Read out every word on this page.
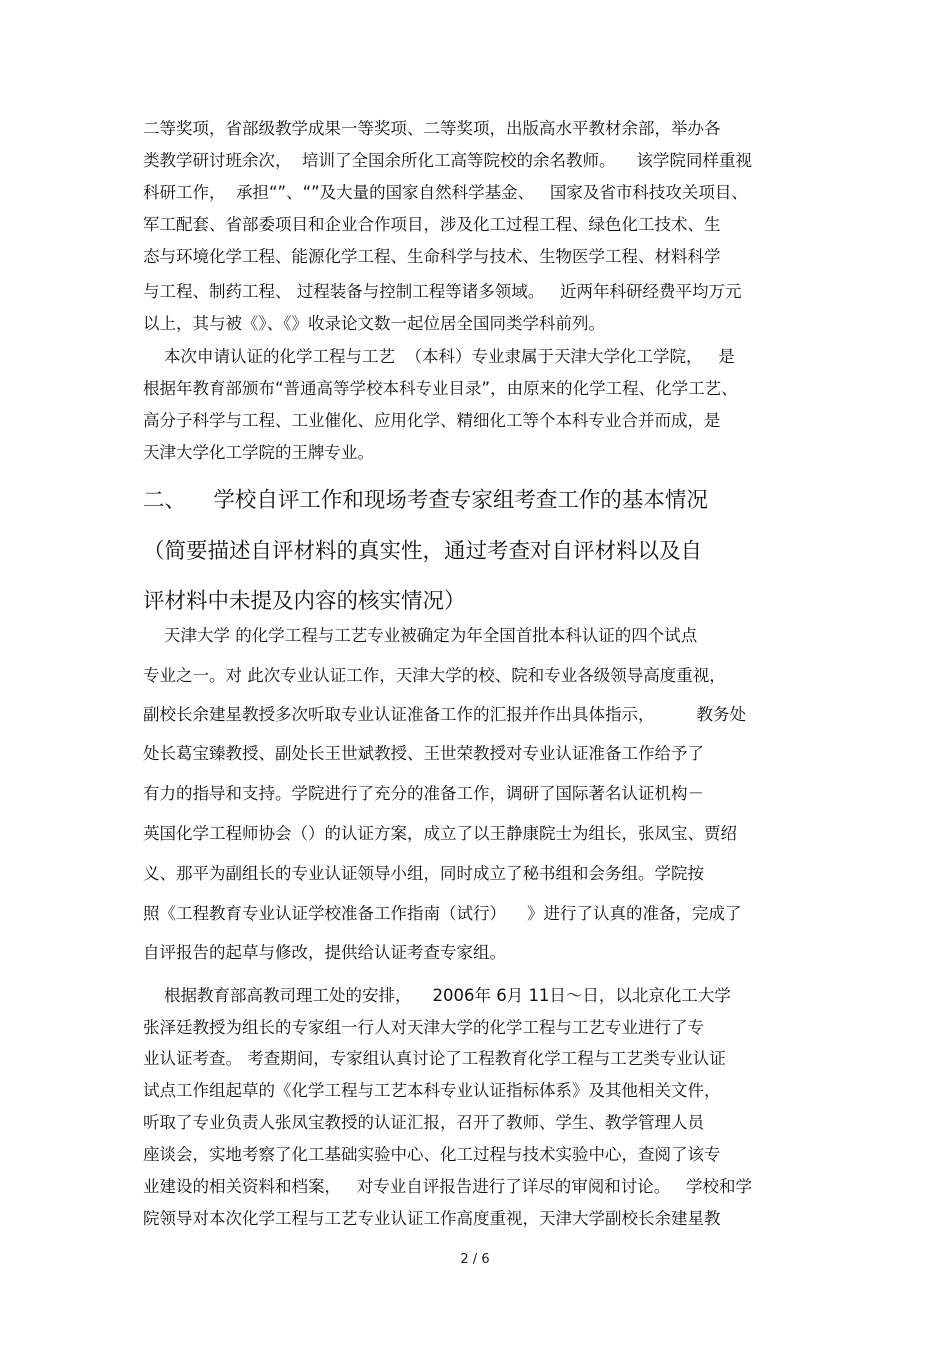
二等奖项，省部级教学成果一等奖项、二等奖项，出版高水平教材余部，举办各
类教学研讨班余次，  培训了全国余所化工高等院校的余名教师。    该学院同样重视
科研工作，  承担“”、“”及大量的国家自然科学基金、   国家及省市科技攻关项目、
军工配套、省部委项目和企业合作项目，涉及化工过程工程、绿色化工技术、生
态与环境化学工程、能源化学工程、生命科学与技术、生物医学工程、材料科学
与工程、制药工程、 过程装备与控制工程等诸多领域。   近两年科研经费平均万元
以上，其与被《》、《》收录论文数一起位居全国同类学科前列。
本次申请认证的化学工程与工艺  （本科）专业隶属于天津大学化工学院，   是
根据年教育部颁布“普通高等学校本科专业目录”，由原来的化学工程、化学工艺、
高分子科学与工程、工业催化、应用化学、精细化工等个本科专业合并而成，是
天津大学化工学院的王牌专业。
二、    学校自评工作和现场考查专家组考查工作的基本情况
（简要描述自评材料的真实性，通过考查对自评材料以及自
评材料中未提及内容的核实情况）
天津大学 的化学工程与工艺专业被确定为年全国首批本科认证的四个试点
专业之一。对 此次专业认证工作，天津大学的校、院和专业各级领导高度重视，
副校长余建星教授多次听取专业认证准备工作的汇报并作出具体指示，        教务处
处长葛宝臻教授、副处长王世斌教授、王世荣教授对专业认证准备工作给予了
有力的指导和支持。学院进行了充分的准备工作，调研了国际著名认证机构－
英国化学工程师协会（）的认证方案，成立了以王静康院士为组长，张凤宝、贾绍
义、那平为副组长的专业认证领导小组，同时成立了秘书组和会务组。学院按
照《工程教育专业认证学校准备工作指南（试行）    》进行了认真的准备，完成了
自评报告的起草与修改，提供给认证考查专家组。
根据教育部高教司理工处的安排，    2006年 6月 11日～日，以北京化工大学
张泽廷教授为组长的专家组一行人对天津大学的化学工程与工艺专业进行了专
业认证考查。 考查期间，专家组认真讨论了工程教育化学工程与工艺类专业认证
试点工作组起草的《化学工程与工艺本科专业认证指标体系》及其他相关文件，
听取了专业负责人张凤宝教授的认证汇报，召开了教师、学生、教学管理人员
座谈会，实地考察了化工基础实验中心、化工过程与技术实验中心，查阅了该专
业建设的相关资料和档案，   对专业自评报告进行了详尽的审阅和讨论。   学校和学
院领导对本次化学工程与工艺专业认证工作高度重视，天津大学副校长余建星教
2 / 6
